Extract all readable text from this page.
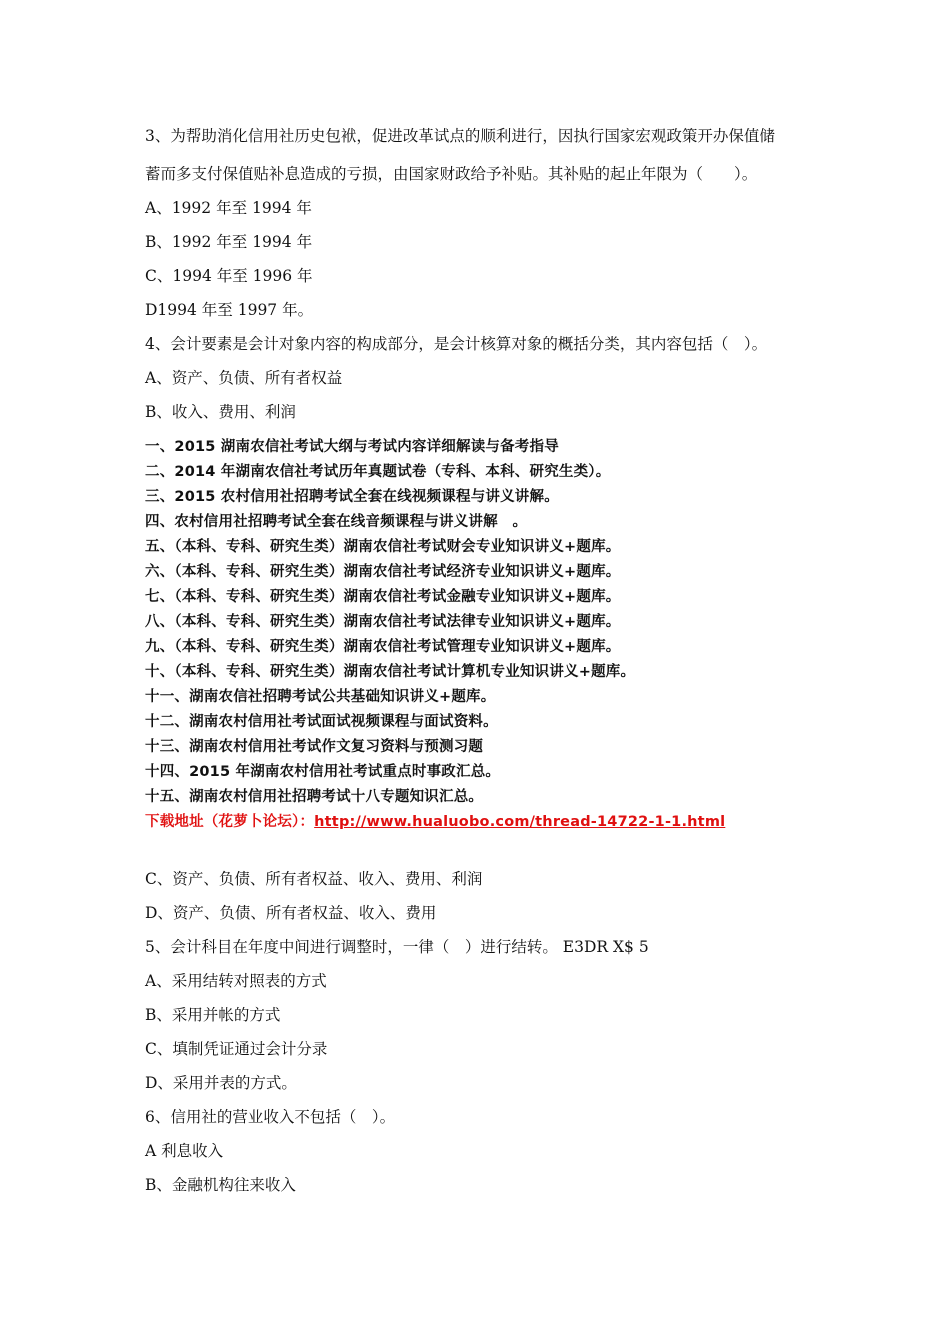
3、为帮助消化信用社历史包袱，促进改革试点的顺利进行，因执行国家宏观政策开办保值储
蓄而多支付保值贴补息造成的亏损，由国家财政给予补贴。其补贴的起止年限为（　　）。
A、1992 年至 1994 年
B、1992 年至 1994 年
C、1994 年至 1996 年
D1994 年至 1997 年。
4、会计要素是会计对象内容的构成部分，是会计核算对象的概括分类，其内容包括（　）。
A、资产、负债、所有者权益
B、收入、费用、利润
一、2015 湖南农信社考试大纲与考试内容详细解读与备考指导
二、2014 年湖南农信社考试历年真题试卷（专科、本科、研究生类）。
三、2015 农村信用社招聘考试全套在线视频课程与讲义讲解。
四、农村信用社招聘考试全套在线音频课程与讲义讲解　。
五、（本科、专科、研究生类）湖南农信社考试财会专业知识讲义+题库。
六、（本科、专科、研究生类）湖南农信社考试经济专业知识讲义+题库。
七、（本科、专科、研究生类）湖南农信社考试金融专业知识讲义+题库。
八、（本科、专科、研究生类）湖南农信社考试法律专业知识讲义+题库。
九、（本科、专科、研究生类）湖南农信社考试管理专业知识讲义+题库。
十、（本科、专科、研究生类）湖南农信社考试计算机专业知识讲义+题库。
十一、湖南农信社招聘考试公共基础知识讲义+题库。
十二、湖南农村信用社考试面试视频课程与面试资料。
十三、湖南农村信用社考试作文复习资料与预测习题
十四、2015 年湖南农村信用社考试重点时事政汇总。
十五、湖南农村信用社招聘考试十八专题知识汇总。
下载地址（花萝卜论坛）：http://www.hualuobo.com/thread-14722-1-1.html
C、资产、负债、所有者权益、收入、费用、利润
D、资产、负债、所有者权益、收入、费用
5、会计科目在年度中间进行调整时，一律（　）进行结转。 E3DR X$ 5
A、采用结转对照表的方式
B、采用并帐的方式
C、填制凭证通过会计分录
D、采用并表的方式。
6、信用社的营业收入不包括（　）。
A 利息收入
B、金融机构往来收入
